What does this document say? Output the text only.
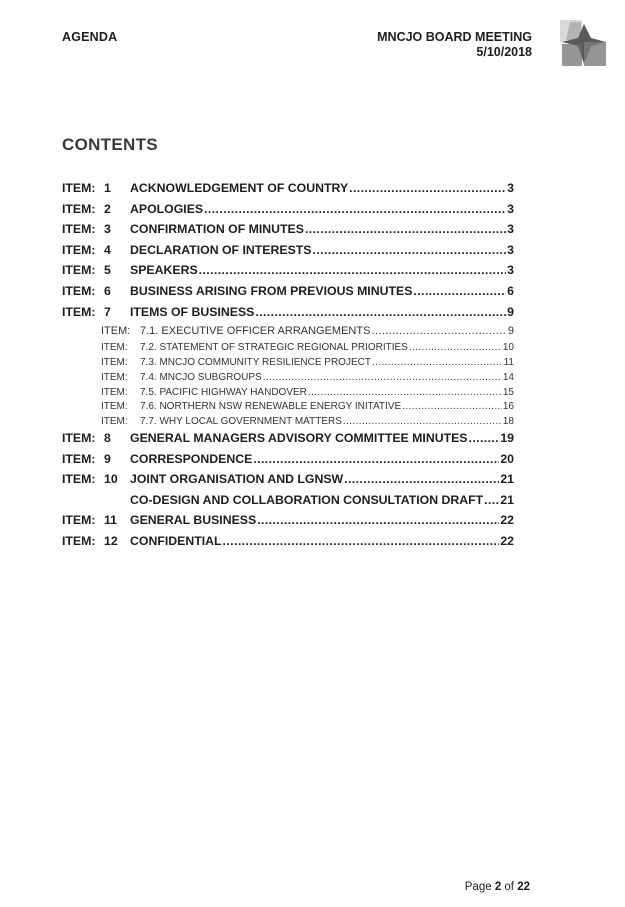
AGENDA	MNCJO BOARD MEETING
5/10/2018
CONTENTS
ITEM: 1	ACKNOWLEDGEMENT OF COUNTRY .....	3
ITEM: 2	APOLOGIES .....	3
ITEM: 3	CONFIRMATION OF MINUTES .....	3
ITEM: 4	DECLARATION OF INTERESTS .....	3
ITEM: 5	SPEAKERS .....	3
ITEM: 6	BUSINESS ARISING FROM PREVIOUS MINUTES .....	6
ITEM: 7	ITEMS OF BUSINESS .....	9
ITEM: 7.1. EXECUTIVE OFFICER ARRANGEMENTS .....	9
ITEM:	7.2. STATEMENT OF STRATEGIC REGIONAL PRIORITIES .....	10
ITEM:	7.3. MNCJO COMMUNITY RESILIENCE PROJECT .....	11
ITEM:	7.4. MNCJO SUBGROUPS .....	14
ITEM:	7.5. PACIFIC HIGHWAY HANDOVER .....	15
ITEM:	7.6. NORTHERN NSW RENEWABLE ENERGY INITATIVE .....	16
ITEM:	7.7. WHY LOCAL GOVERNMENT MATTERS .....	18
ITEM: 8	GENERAL MANAGERS ADVISORY COMMITTEE MINUTES .....	19
ITEM: 9	CORRESPONDENCE .....	20
ITEM: 10	JOINT ORGANISATION AND LGNSW .....	21
CO-DESIGN AND COLLABORATION CONSULTATION DRAFT ..... 21
ITEM: 11	GENERAL BUSINESS .....	22
ITEM: 12	CONFIDENTIAL .....	22
Page 2 of 22
